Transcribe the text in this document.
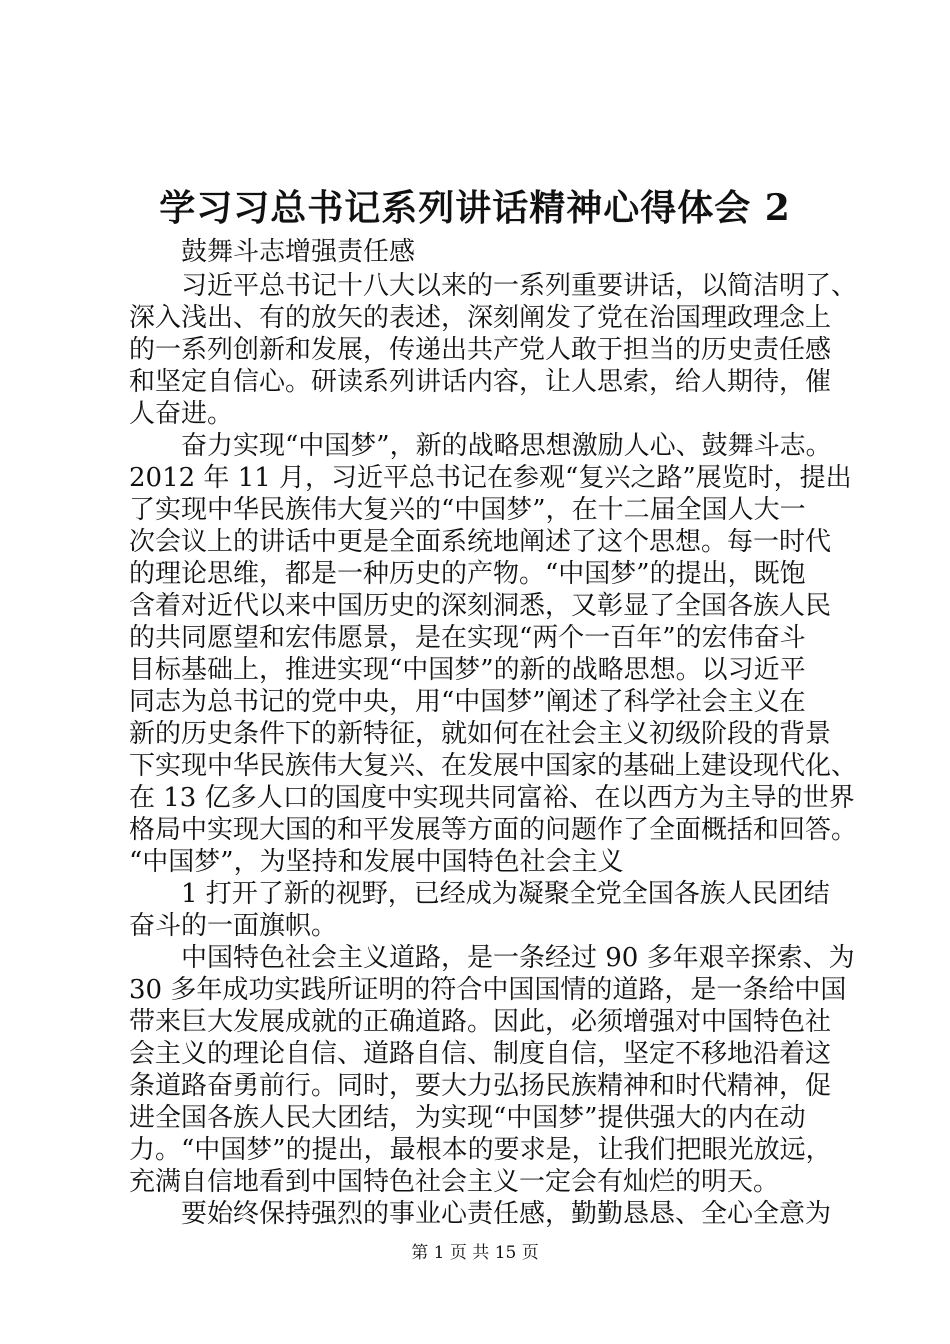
学习习总书记系列讲话精神心得体会 2

鼓舞斗志增强责任感

习近平总书记十八大以来的一系列重要讲话，以简洁明了、

深入浅出、有的放矢的表述，深刻阐发了党在治国理政理念上

的一系列创新和发展，传递出共产党人敢于担当的历史责任感

和坚定自信心。研读系列讲话内容，让人思索，给人期待，催

人奋进。

奋力实现“中国梦”，新的战略思想激励人心、鼓舞斗志。

2012 年 11 月，习近平总书记在参观“复兴之路”展览时，提出

了实现中华民族伟大复兴的“中国梦”，在十二届全国人大一

次会议上的讲话中更是全面系统地阐述了这个思想。每一时代

的理论思维，都是一种历史的产物。“中国梦”的提出，既饱

含着对近代以来中国历史的深刻洞悉，又彰显了全国各族人民

的共同愿望和宏伟愿景，是在实现“两个一百年”的宏伟奋斗

目标基础上，推进实现“中国梦”的新的战略思想。以习近平

同志为总书记的党中央，用“中国梦”阐述了科学社会主义在

新的历史条件下的新特征，就如何在社会主义初级阶段的背景

下实现中华民族伟大复兴、在发展中国家的基础上建设现代化、

在 13 亿多人口的国度中实现共同富裕、在以西方为主导的世界

格局中实现大国的和平发展等方面的问题作了全面概括和回答。

“中国梦”，为坚持和发展中国特色社会主义

1 打开了新的视野，已经成为凝聚全党全国各族人民团结

奋斗的一面旗帜。

中国特色社会主义道路，是一条经过 90 多年艰辛探索、为

30 多年成功实践所证明的符合中国国情的道路，是一条给中国

带来巨大发展成就的正确道路。因此，必须增强对中国特色社

会主义的理论自信、道路自信、制度自信，坚定不移地沿着这

条道路奋勇前行。同时，要大力弘扬民族精神和时代精神，促

进全国各族人民大团结，为实现“中国梦”提供强大的内在动

力。“中国梦”的提出，最根本的要求是，让我们把眼光放远，

充满自信地看到中国特色社会主义一定会有灿烂的明天。

要始终保持强烈的事业心责任感，勤勤恳恳、全心全意为

第 1 页 共 15 页
